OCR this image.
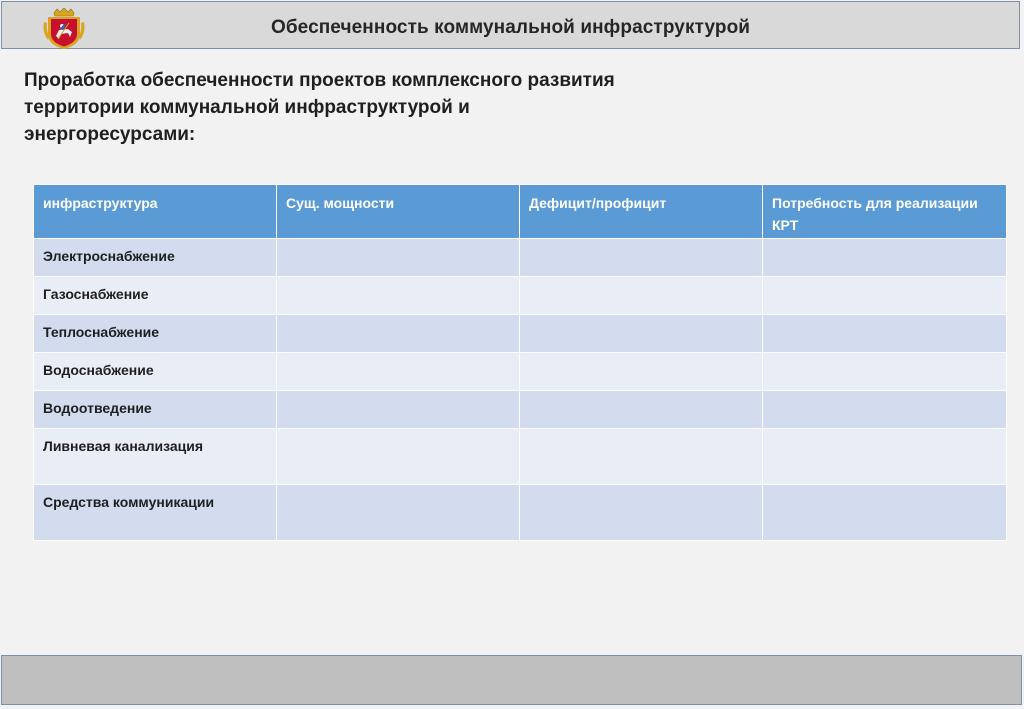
Обеспеченность коммунальной инфраструктурой
Проработка обеспеченности проектов комплексного развития территории коммунальной инфраструктурой и энергоресурсами:
инфраструктура	Сущ. мощности	Дефицит/профицит	Потребность для реализации КРТ
Электроснабжение			
Газоснабжение			
Теплоснабжение			
Водоснабжение			
Водоотведение			
Ливневая канализация			
Средства коммуникации			
